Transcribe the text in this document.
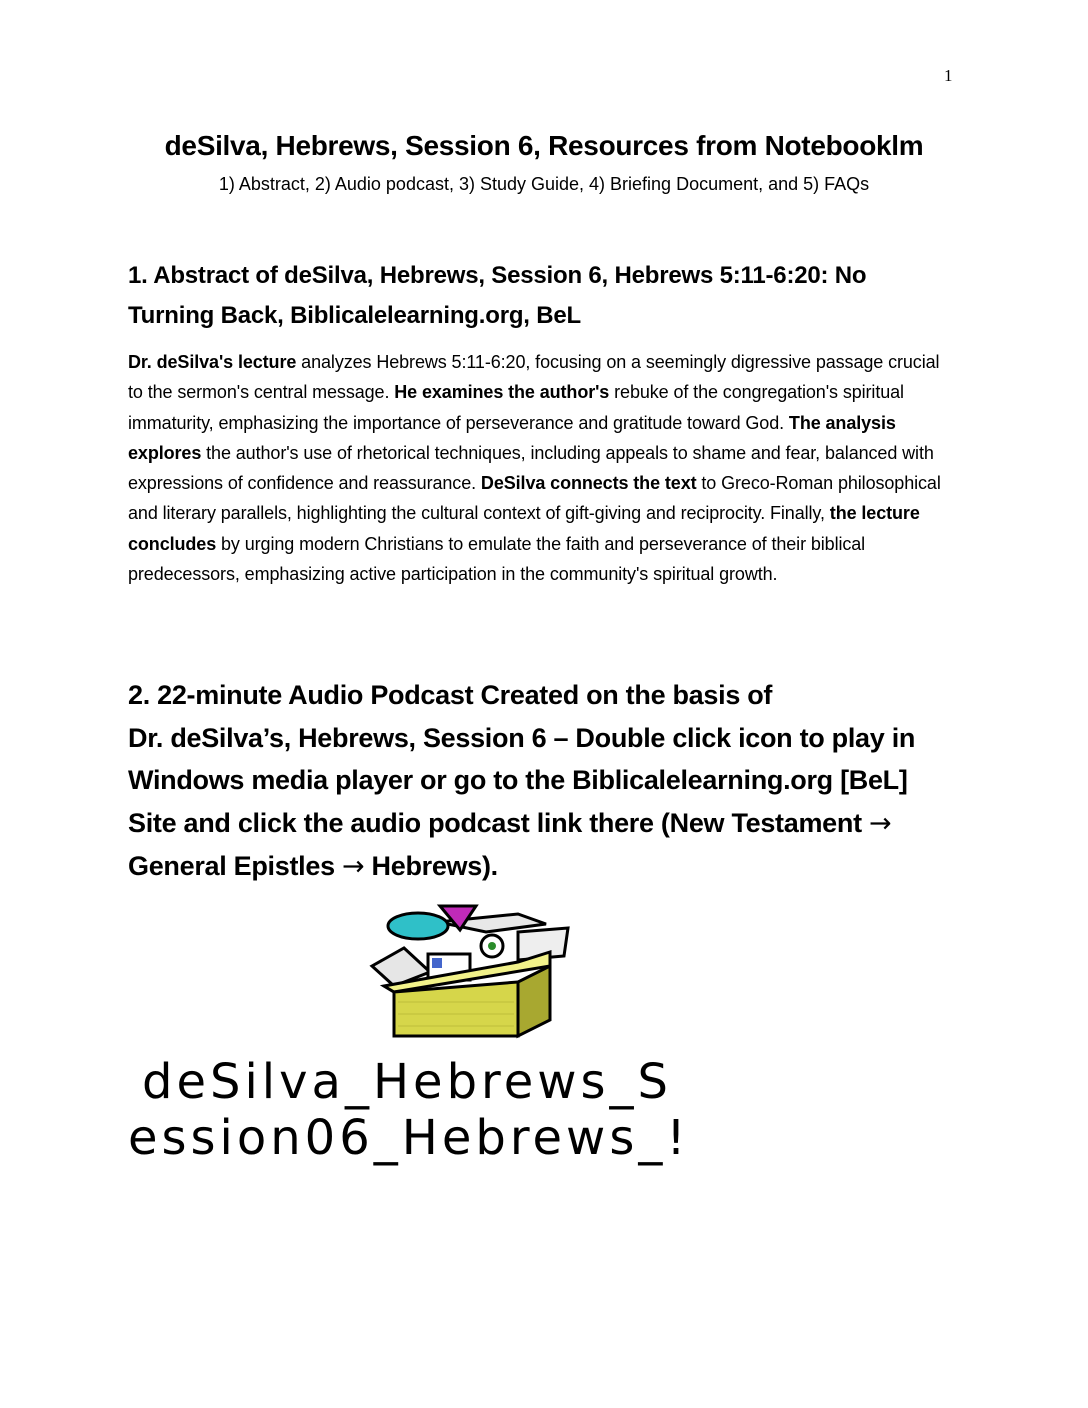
1
deSilva, Hebrews, Session 6, Resources from Notebooklm
1) Abstract, 2) Audio podcast, 3) Study Guide, 4) Briefing Document, and 5) FAQs
1. Abstract of deSilva, Hebrews, Session 6, Hebrews 5:11-6:20: No
Turning Back, Biblicalelearning.org, BeL
Dr. deSilva's lecture analyzes Hebrews 5:11-6:20, focusing on a seemingly digressive passage crucial to the sermon's central message. He examines the author's rebuke of the congregation's spiritual immaturity, emphasizing the importance of perseverance and gratitude toward God. The analysis explores the author's use of rhetorical techniques, including appeals to shame and fear, balanced with expressions of confidence and reassurance. DeSilva connects the text to Greco-Roman philosophical and literary parallels, highlighting the cultural context of gift-giving and reciprocity. Finally, the lecture concludes by urging modern Christians to emulate the faith and perseverance of their biblical predecessors, emphasizing active participation in the community's spiritual growth.
2. 22-minute Audio Podcast Created on the basis of
Dr. deSilva’s, Hebrews, Session 6 – Double click icon to play in Windows media player or go to the Biblicalelearning.org [BeL] Site and click the audio podcast link there (New Testament →
General Epistles → Hebrews).
deSilva_Hebrews_S
ession06_Hebrews_!
